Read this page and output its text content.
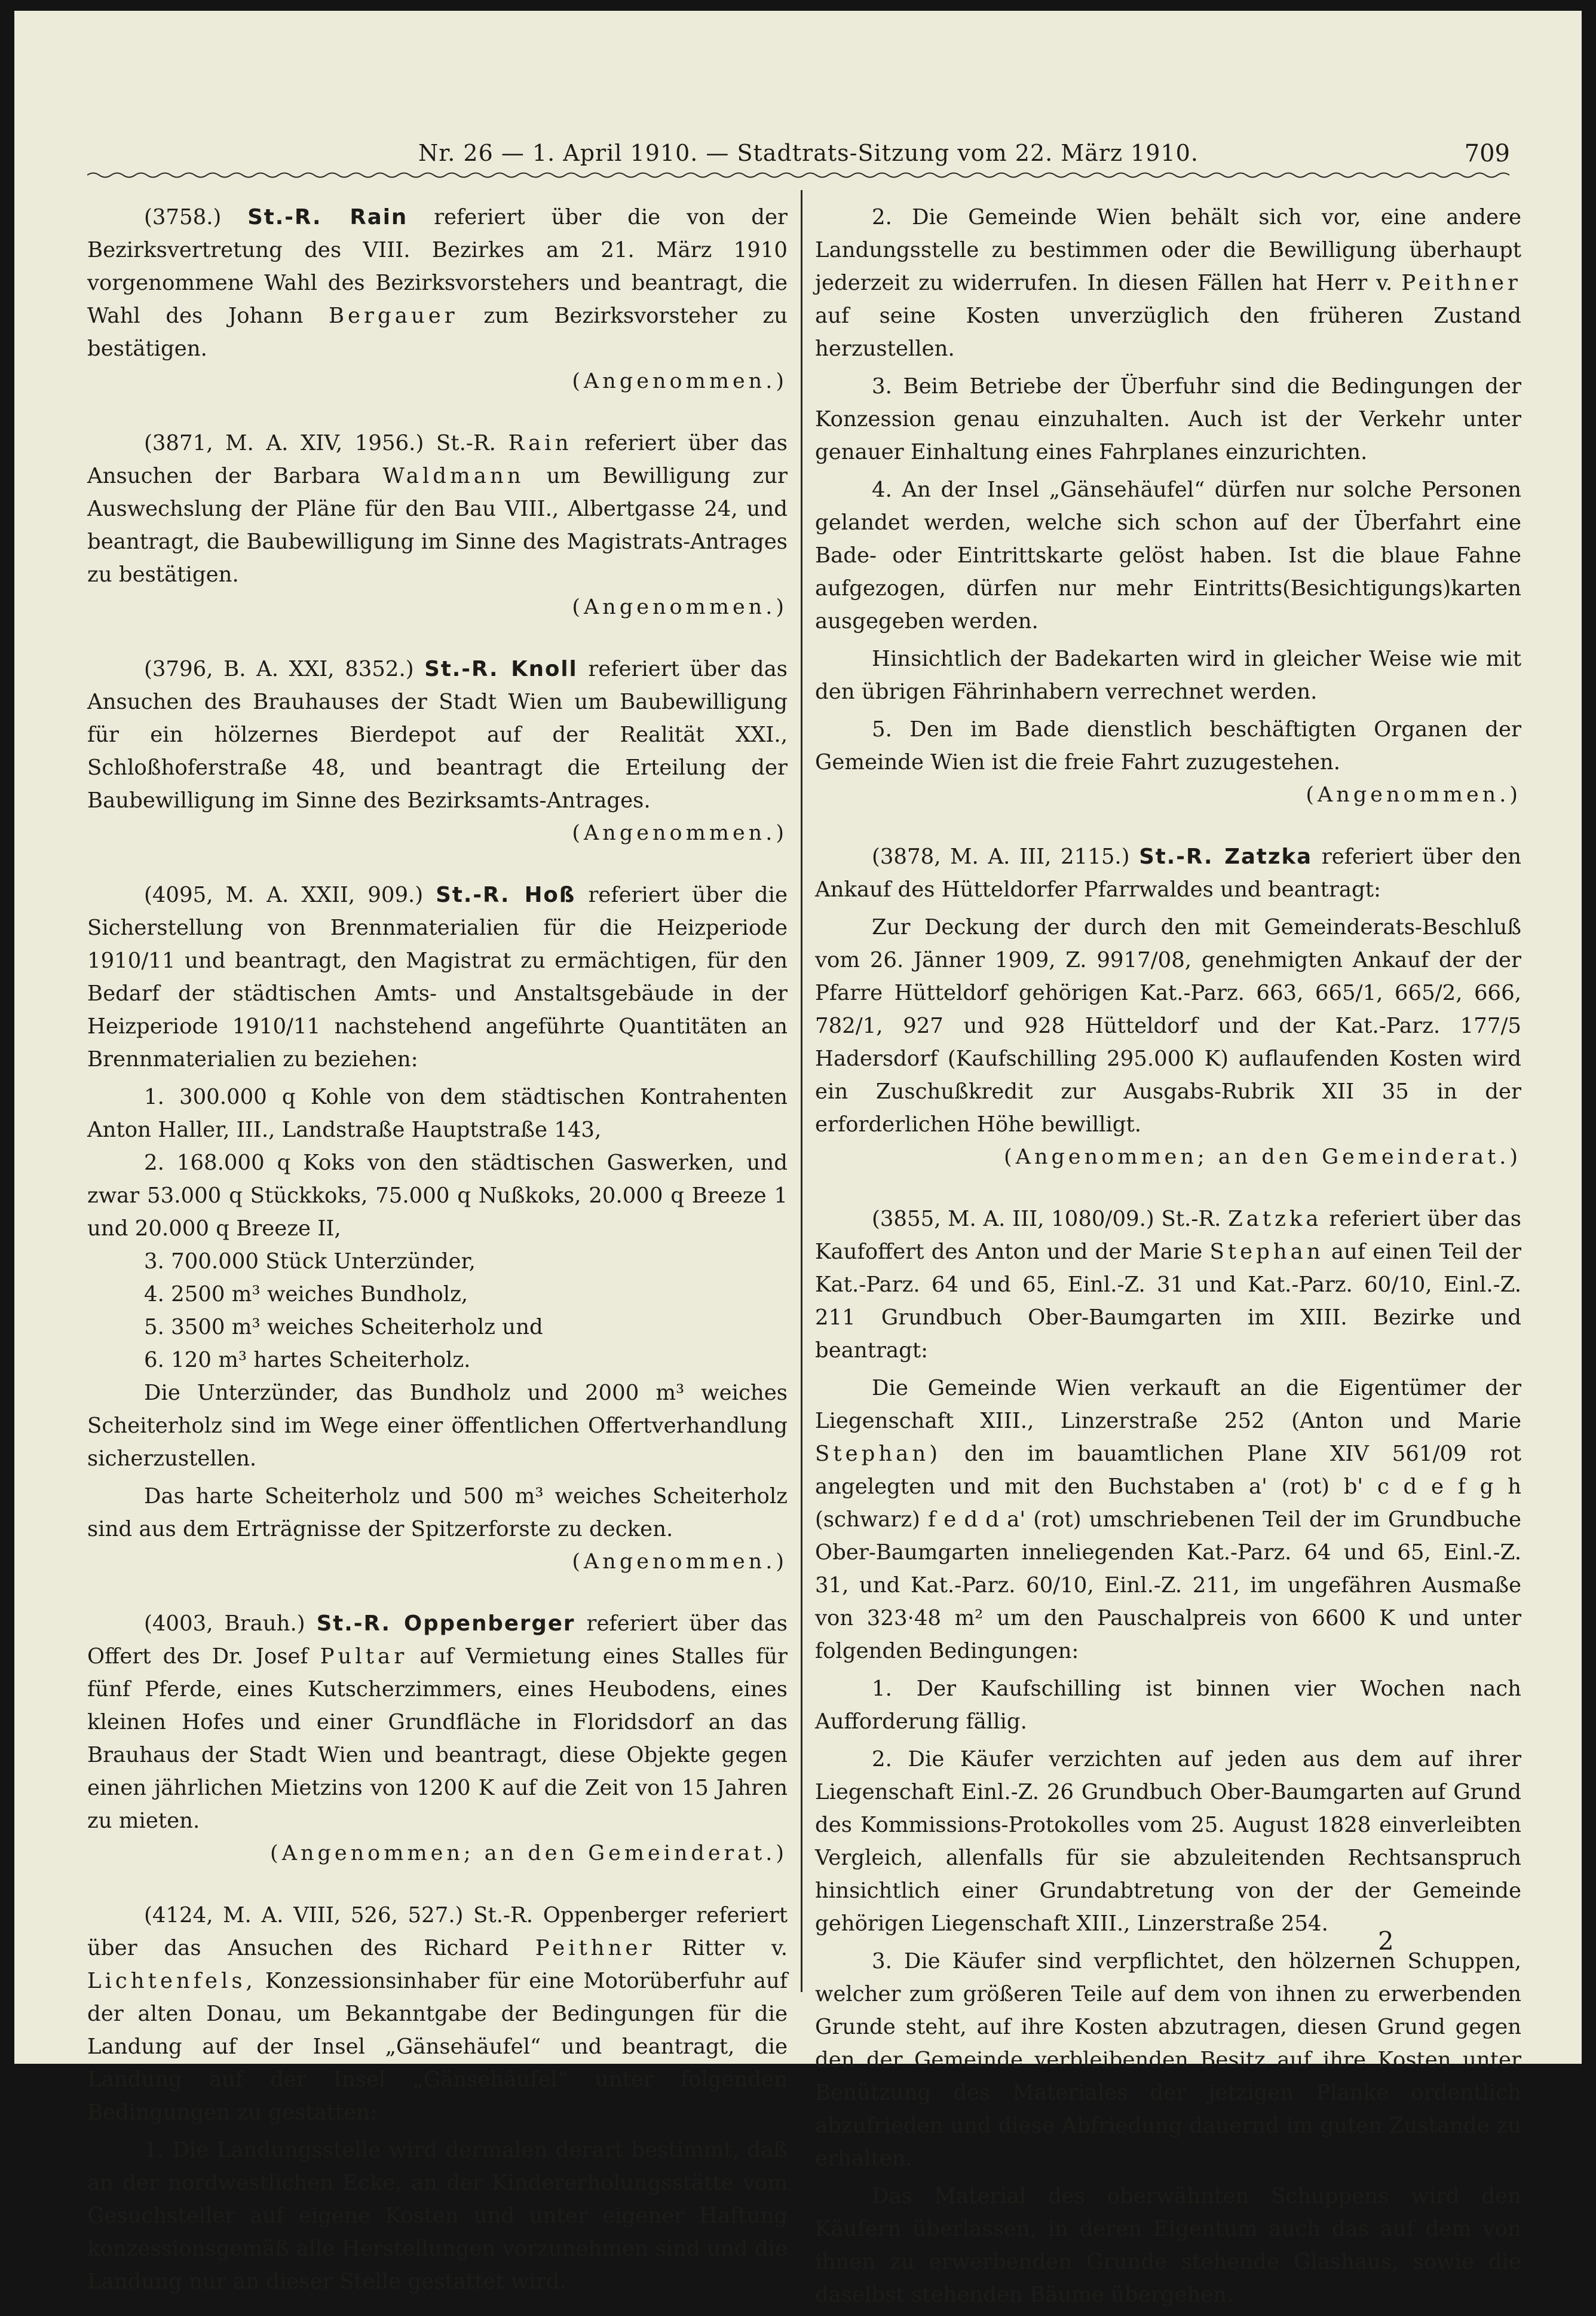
Nr. 26 — 1. April 1910. — Stadtrats-Sitzung vom 22. März 1910.	709

(3758.) St.-R. Rain referiert über die von der Bezirksvertretung des VIII. Bezirkes am 21. März 1910 vorgenommene Wahl des Bezirksvorstehers und beantragt, die Wahl des Johann Bergauer zum Bezirksvorsteher zu bestätigen.
(Angenommen.)

(3871, M. A. XIV, 1956.) St.-R. Rain referiert über das Ansuchen der Barbara Waldmann um Bewilligung zur Auswechslung der Pläne für den Bau VIII., Albertgasse 24, und beantragt, die Baubewilligung im Sinne des Magistrats-Antrages zu bestätigen.
(Angenommen.)

(3796, B. A. XXI, 8352.) St.-R. Knoll referiert über das Ansuchen des Brauhauses der Stadt Wien um Baubewilligung für ein hölzernes Bierdepot auf der Realität XXI., Schloßhoferstraße 48, und beantragt die Erteilung der Baubewilligung im Sinne des Bezirksamts-Antrages.
(Angenommen.)

(4095, M. A. XXII, 909.) St.-R. Hoß referiert über die Sicherstellung von Brennmaterialien für die Heizperiode 1910/11 und beantragt, den Magistrat zu ermächtigen, für den Bedarf der städtischen Amts- und Anstaltsgebäude in der Heizperiode 1910/11 nachstehend angeführte Quantitäten an Brennmaterialien zu beziehen:

1. 300.000 q Kohle von dem städtischen Kontrahenten Anton Haller, III., Landstraße Hauptstraße 143,

2. 168.000 q Koks von den städtischen Gaswerken, und zwar 53.000 q Stückkoks, 75.000 q Nußkoks, 20.000 q Breeze 1 und 20.000 q Breeze II,

3. 700.000 Stück Unterzünder,

4. 2500 m³ weiches Bundholz,

5. 3500 m³ weiches Scheiterholz und

6. 120 m³ hartes Scheiterholz.

Die Unterzünder, das Bundholz und 2000 m³ weiches Scheiterholz sind im Wege einer öffentlichen Offertverhandlung sicherzustellen.

Das harte Scheiterholz und 500 m³ weiches Scheiterholz sind aus dem Erträgnisse der Spitzerforste zu decken.
(Angenommen.)

(4003, Brauh.) St.-R. Oppenberger referiert über das Offert des Dr. Josef Pultar auf Vermietung eines Stalles für fünf Pferde, eines Kutscherzimmers, eines Heubodens, eines kleinen Hofes und einer Grundfläche in Floridsdorf an das Brauhaus der Stadt Wien und beantragt, diese Objekte gegen einen jährlichen Mietzins von 1200 K auf die Zeit von 15 Jahren zu mieten.
(Angenommen; an den Gemeinderat.)

(4124, M. A. VIII, 526, 527.) St.-R. Oppenberger referiert über das Ansuchen des Richard Peithner Ritter v. Lichtenfels, Konzessionsinhaber für eine Motorüberfuhr auf der alten Donau, um Bekanntgabe der Bedingungen für die Landung auf der Insel „Gänsehäufel“ und beantragt, die Landung auf der Insel „Gänsehäufel“ unter folgenden Bedingungen zu gestatten:

1. Die Landungsstelle wird dermalen derart bestimmt, daß an der nordwestlichen Ecke, an der Kindererholungsstätte vom Gesuchsteller auf eigene Kosten und unter eigener Haftung konzessionsgemäß alle Herstellungen vorzunehmen sind und die Landung nur an dieser Stelle gestattet wird.

2. Die Gemeinde Wien behält sich vor, eine andere Landungsstelle zu bestimmen oder die Bewilligung überhaupt jederzeit zu widerrufen. In diesen Fällen hat Herr v. Peithner auf seine Kosten unverzüglich den früheren Zustand herzustellen.

3. Beim Betriebe der Überfuhr sind die Bedingungen der Konzession genau einzuhalten. Auch ist der Verkehr unter genauer Einhaltung eines Fahrplanes einzurichten.

4. An der Insel „Gänsehäufel“ dürfen nur solche Personen gelandet werden, welche sich schon auf der Überfahrt eine Bade- oder Eintrittskarte gelöst haben. Ist die blaue Fahne aufgezogen, dürfen nur mehr Eintritts(Besichtigungs)karten ausgegeben werden.

Hinsichtlich der Badekarten wird in gleicher Weise wie mit den übrigen Fährinhabern verrechnet werden.

5. Den im Bade dienstlich beschäftigten Organen der Gemeinde Wien ist die freie Fahrt zuzugestehen.
(Angenommen.)

(3878, M. A. III, 2115.) St.-R. Zatzka referiert über den Ankauf des Hütteldorfer Pfarrwaldes und beantragt:

Zur Deckung der durch den mit Gemeinderats-Beschluß vom 26. Jänner 1909, Z. 9917/08, genehmigten Ankauf der der Pfarre Hütteldorf gehörigen Kat.-Parz. 663, 665/1, 665/2, 666, 782/1, 927 und 928 Hütteldorf und der Kat.-Parz. 177/5 Hadersdorf (Kaufschilling 295.000 K) auflaufenden Kosten wird ein Zuschußkredit zur Ausgabs-Rubrik XII 35 in der erforderlichen Höhe bewilligt.
(Angenommen; an den Gemeinderat.)

(3855, M. A. III, 1080/09.) St.-R. Zatzka referiert über das Kaufoffert des Anton und der Marie Stephan auf einen Teil der Kat.-Parz. 64 und 65, Einl.-Z. 31 und Kat.-Parz. 60/10, Einl.-Z. 211 Grundbuch Ober-Baumgarten im XIII. Bezirke und beantragt:

Die Gemeinde Wien verkauft an die Eigentümer der Liegenschaft XIII., Linzerstraße 252 (Anton und Marie Stephan) den im bauamtlichen Plane XIV 561/09 rot angelegten und mit den Buchstaben a' (rot) b' c d e f g h (schwarz) f e d d a' (rot) umschriebenen Teil der im Grundbuche Ober-Baumgarten inneliegenden Kat.-Parz. 64 und 65, Einl.-Z. 31, und Kat.-Parz. 60/10, Einl.-Z. 211, im ungefähren Ausmaße von 323·48 m² um den Pauschalpreis von 6600 K und unter folgenden Bedingungen:

1. Der Kaufschilling ist binnen vier Wochen nach Aufforderung fällig.

2. Die Käufer verzichten auf jeden aus dem auf ihrer Liegenschaft Einl.-Z. 26 Grundbuch Ober-Baumgarten auf Grund des Kommissions-Protokolles vom 25. August 1828 einverleibten Vergleich, allenfalls für sie abzuleitenden Rechtsanspruch hinsichtlich einer Grundabtretung von der der Gemeinde gehörigen Liegenschaft XIII., Linzerstraße 254.

3. Die Käufer sind verpflichtet, den hölzernen Schuppen, welcher zum größeren Teile auf dem von ihnen zu erwerbenden Grunde steht, auf ihre Kosten abzutragen, diesen Grund gegen den der Gemeinde verbleibenden Besitz auf ihre Kosten unter Benützung des Materiales der jetzigen Planke ordentlich abzufrieden und diese Abfriedung dauernd im guten Zustande zu erhalten.

Das Material des oberwähnten Schuppens wird den Käufern überlassen, in deren Eigentum auch das auf dem von ihnen zu erwerbenden Grunde stehende Glashaus, sowie die daselbst stehenden Bäume übergehen.

2
